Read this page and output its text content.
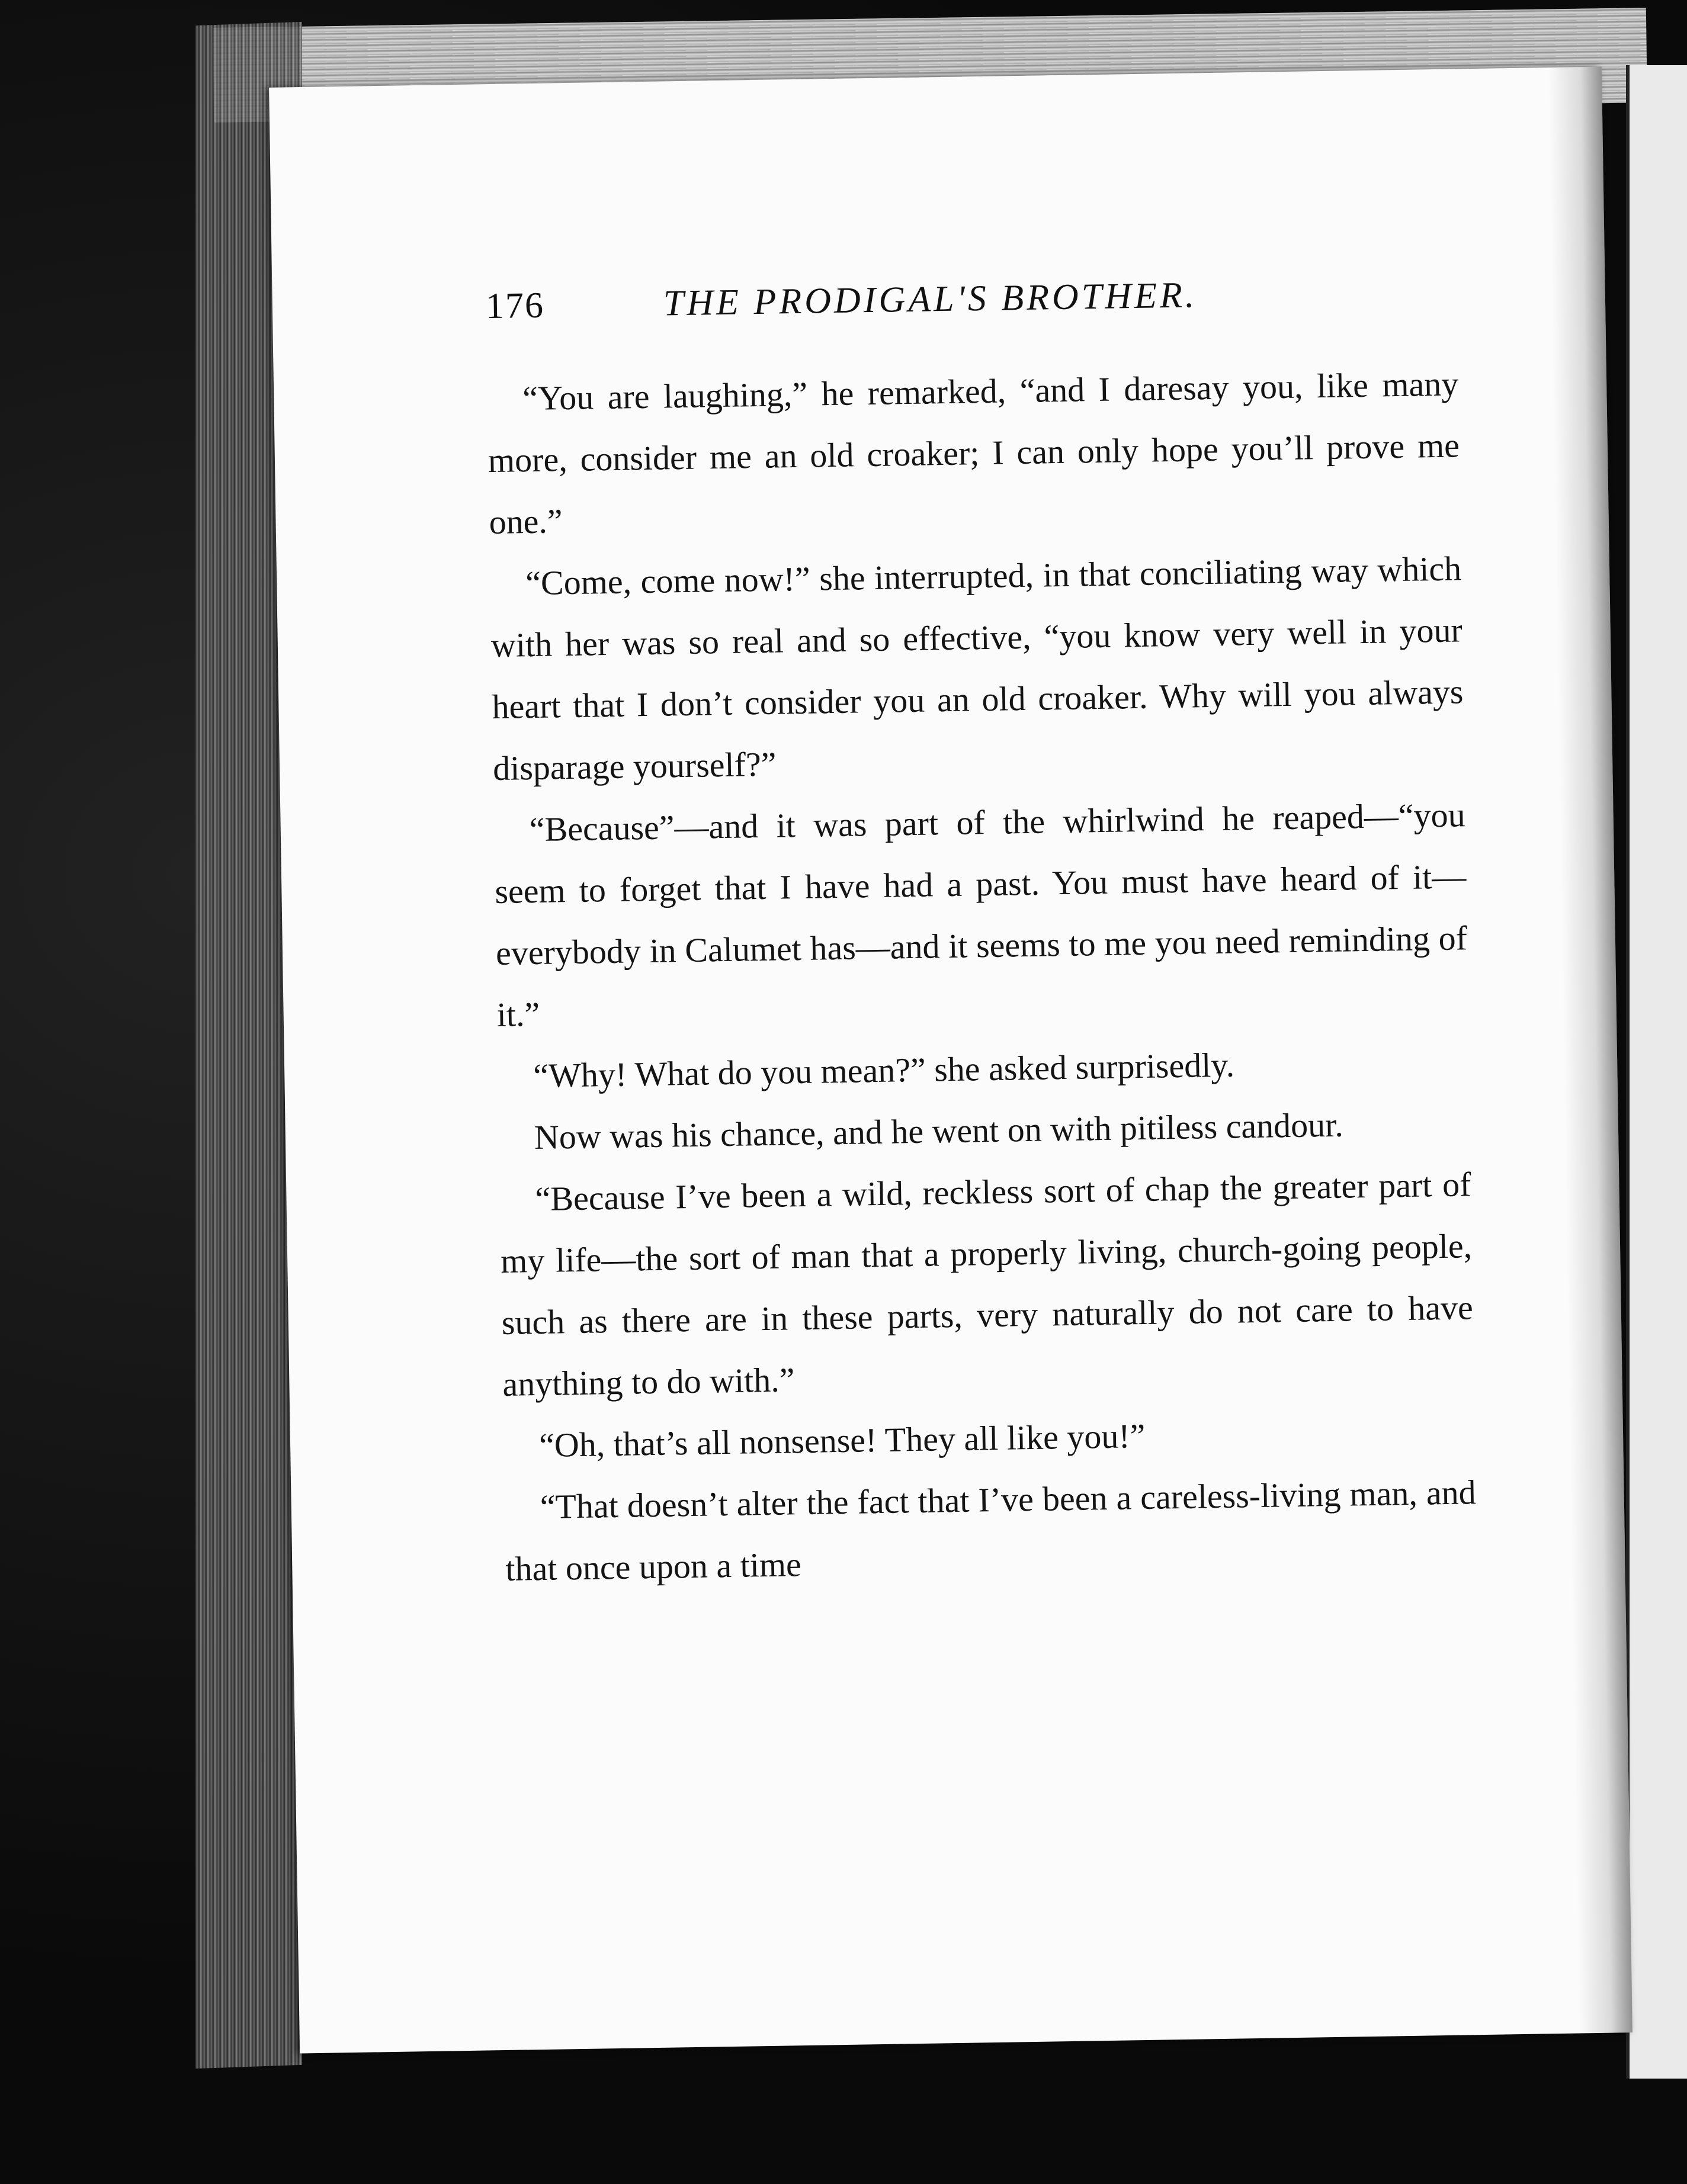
176	THE PRODIGAL'S BROTHER.

“You are laughing,” he remarked, “and I daresay you, like many more, consider me an old croaker; I can only hope you’ll prove me one.”

“Come, come now!” she interrupted, in that conciliating way which with her was so real and so effective, “you know very well in your heart that I don’t consider you an old croaker. Why will you always disparage yourself?”

“Because”—and it was part of the whirlwind he reaped—“you seem to forget that I have had a past. You must have heard of it—everybody in Calumet has—and it seems to me you need reminding of it.”

“Why! What do you mean?” she asked surprisedly.

Now was his chance, and he went on with pitiless candour.

“Because I’ve been a wild, reckless sort of chap the greater part of my life—the sort of man that a properly living, church-going people, such as there are in these parts, very naturally do not care to have anything to do with.”

“Oh, that’s all nonsense! They all like you!”

“That doesn’t alter the fact that I’ve been a careless-living man, and that once upon a time
